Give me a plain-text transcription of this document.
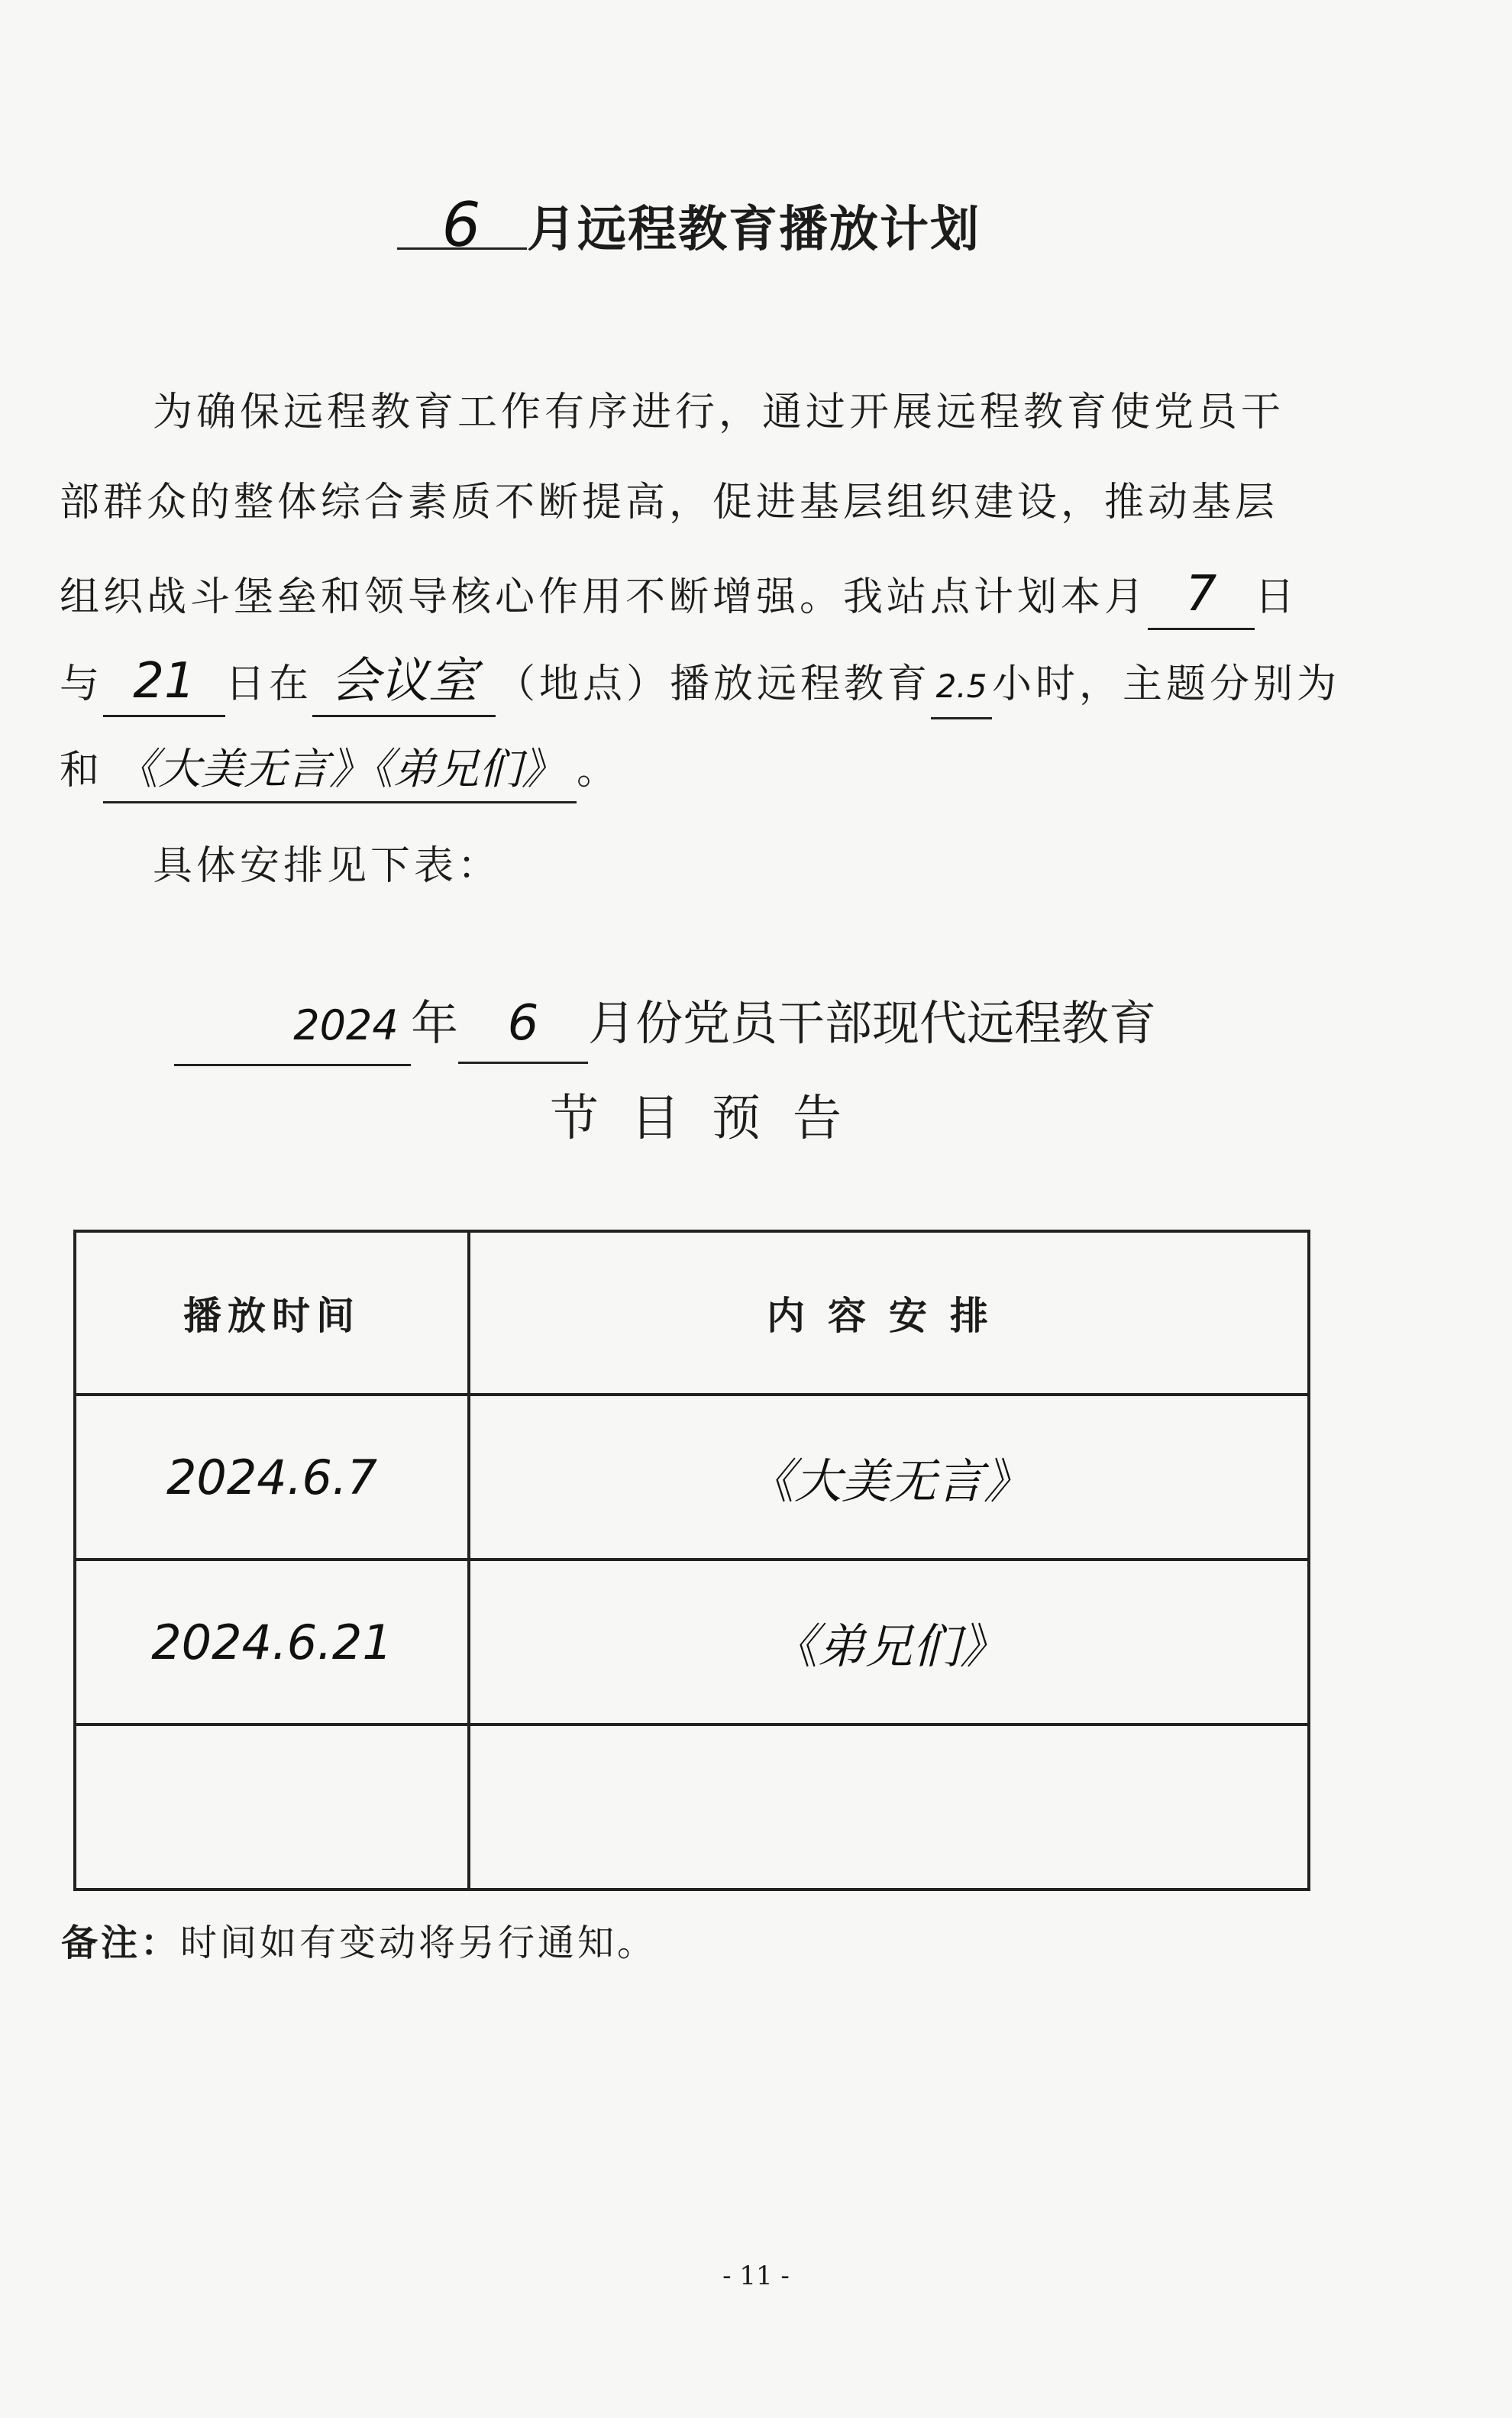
6 月远程教育播放计划
为确保远程教育工作有序进行，通过开展远程教育使党员干
部群众的整体综合素质不断提高，促进基层组织建设，推动基层
组织战斗堡垒和领导核心作用不断增强。我站点计划本月 7 日
与 21 日在 会议室 （地点）播放远程教育 2.5 小时，主题分别为
和 《大美无言》《弟兄们》 。
具体安排见下表：
2024 年 6 月份党员干部现代远程教育
节目预告
播放时间	内容安排
2024.6.7	《大美无言》
2024.6.21	《弟兄们》

备注：时间如有变动将另行通知。
- 11 -
